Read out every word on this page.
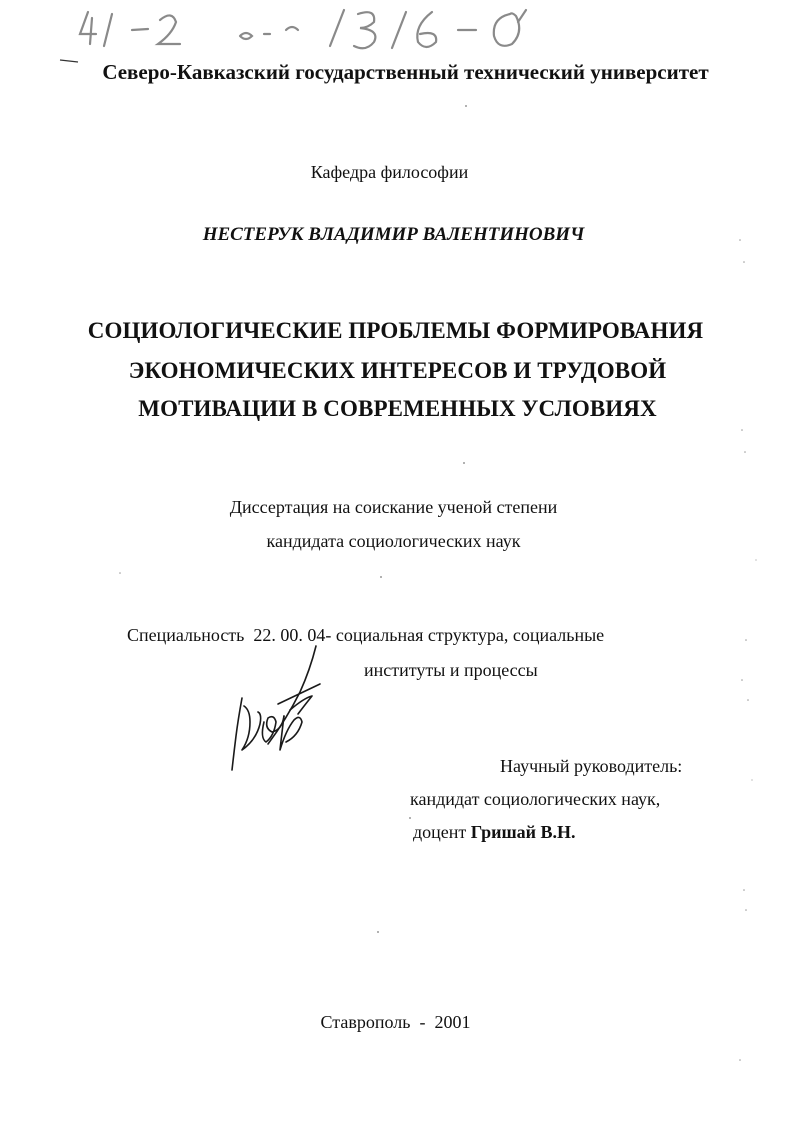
Северо-Кавказский государственный технический университет
Кафедра философии
НЕСТЕРУК ВЛАДИМИР ВАЛЕНТИНОВИЧ
СОЦИОЛОГИЧЕСКИЕ ПРОБЛЕМЫ ФОРМИРОВАНИЯ
ЭКОНОМИЧЕСКИХ ИНТЕРЕСОВ И ТРУДОВОЙ
МОТИВАЦИИ В СОВРЕМЕННЫХ УСЛОВИЯХ
Диссертация на соискание ученой степени
кандидата социологических наук
Специальность 22. 00. 04- социальная структура, социальные
институты и процессы
Научный руководитель:
кандидат социологических наук,
доцент Гришай В.Н.
Ставрополь - 2001
